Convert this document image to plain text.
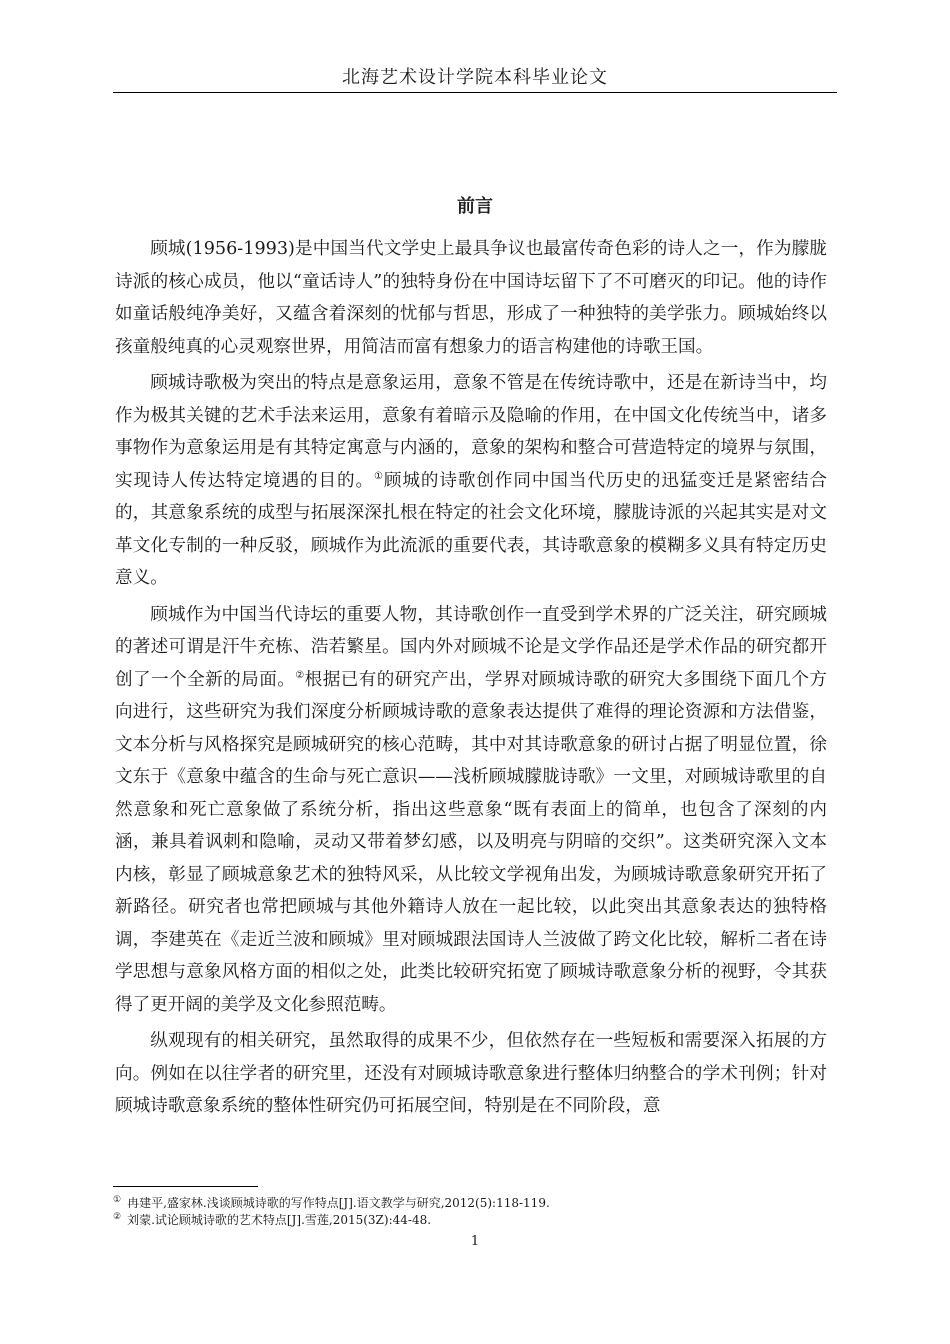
北海艺术设计学院本科毕业论文
前言

顾城(1956-1993)是中国当代文学史上最具争议也最富传奇色彩的诗人之一，作为朦胧诗派的核心成员，他以“童话诗人”的独特身份在中国诗坛留下了不可磨灭的印记。他的诗作如童话般纯净美好，又蕴含着深刻的忧郁与哲思，形成了一种独特的美学张力。顾城始终以孩童般纯真的心灵观察世界，用简洁而富有想象力的语言构建他的诗歌王国。

顾城诗歌极为突出的特点是意象运用，意象不管是在传统诗歌中，还是在新诗当中，均作为极其关键的艺术手法来运用，意象有着暗示及隐喻的作用，在中国文化传统当中，诸多事物作为意象运用是有其特定寓意与内涵的，意象的架构和整合可营造特定的境界与氛围，实现诗人传达特定境遇的目的。①顾城的诗歌创作同中国当代历史的迅猛变迁是紧密结合的，其意象系统的成型与拓展深深扎根在特定的社会文化环境，朦胧诗派的兴起其实是对文革文化专制的一种反驳，顾城作为此流派的重要代表，其诗歌意象的模糊多义具有特定历史意义。

顾城作为中国当代诗坛的重要人物，其诗歌创作一直受到学术界的广泛关注，研究顾城的著述可谓是汗牛充栋、浩若繁星。国内外对顾城不论是文学作品还是学术作品的研究都开创了一个全新的局面。②根据已有的研究产出，学界对顾城诗歌的研究大多围绕下面几个方向进行，这些研究为我们深度分析顾城诗歌的意象表达提供了难得的理论资源和方法借鉴，文本分析与风格探究是顾城研究的核心范畴，其中对其诗歌意象的研讨占据了明显位置，徐文东于《意象中蕴含的生命与死亡意识——浅析顾城朦胧诗歌》一文里，对顾城诗歌里的自然意象和死亡意象做了系统分析，指出这些意象“既有表面上的简单，也包含了深刻的内涵，兼具着讽刺和隐喻，灵动又带着梦幻感，以及明亮与阴暗的交织”。这类研究深入文本内核，彰显了顾城意象艺术的独特风采，从比较文学视角出发，为顾城诗歌意象研究开拓了新路径。研究者也常把顾城与其他外籍诗人放在一起比较，以此突出其意象表达的独特格调，李建英在《走近兰波和顾城》里对顾城跟法国诗人兰波做了跨文化比较，解析二者在诗学思想与意象风格方面的相似之处，此类比较研究拓宽了顾城诗歌意象分析的视野，令其获得了更开阔的美学及文化参照范畴。

纵观现有的相关研究，虽然取得的成果不少，但依然存在一些短板和需要深入拓展的方向。例如在以往学者的研究里，还没有对顾城诗歌意象进行整体归纳整合的学术刊例；针对顾城诗歌意象系统的整体性研究仍可拓展空间，特别是在不同阶段，意

① 冉建平,盛家林.浅谈顾城诗歌的写作特点[J].语文教学与研究,2012(5):118-119.
② 刘蒙.试论顾城诗歌的艺术特点[J].雪莲,2015(3Z):44-48.
1
